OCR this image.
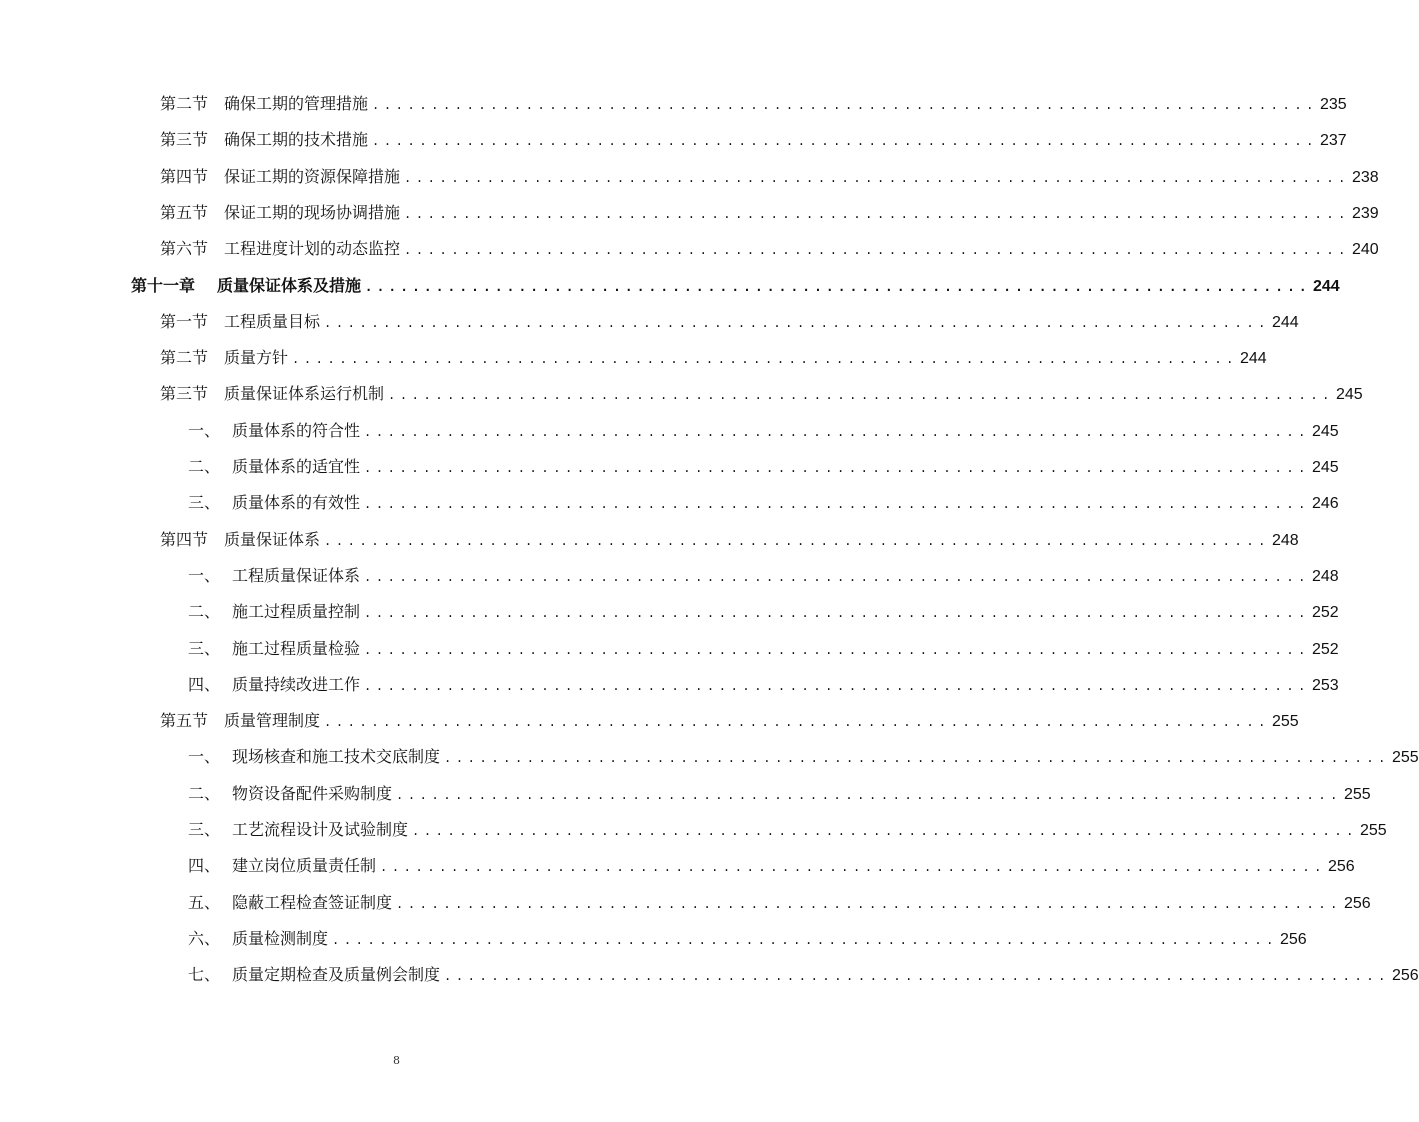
第二节 确保工期的管理措施 ................................................................................ 235
第三节 确保工期的技术措施 ................................................................................ 237
第四节 保证工期的资源保障措施 ................................................................................ 238
第五节 保证工期的现场协调措施 ................................................................................ 239
第六节 工程进度计划的动态监控 ................................................................................ 240
第十一章 质量保证体系及措施 ................................................................................ 244
第一节 工程质量目标 ................................................................................ 244
第二节 质量方针 ................................................................................ 244
第三节 质量保证体系运行机制 ................................................................................ 245
一、 质量体系的符合性 ................................................................................ 245
二、 质量体系的适宜性 ................................................................................ 245
三、 质量体系的有效性 ................................................................................ 246
第四节 质量保证体系 ................................................................................ 248
一、 工程质量保证体系 ................................................................................ 248
二、 施工过程质量控制 ................................................................................ 252
三、 施工过程质量检验 ................................................................................ 252
四、 质量持续改进工作 ................................................................................ 253
第五节 质量管理制度 ................................................................................ 255
一、 现场核查和施工技术交底制度 ................................................................................ 255
二、 物资设备配件采购制度 ................................................................................ 255
三、 工艺流程设计及试验制度 ................................................................................ 255
四、 建立岗位质量责任制 ................................................................................ 256
五、 隐蔽工程检查签证制度 ................................................................................ 256
六、 质量检测制度 ................................................................................ 256
七、 质量定期检查及质量例会制度 ................................................................................ 256
8
